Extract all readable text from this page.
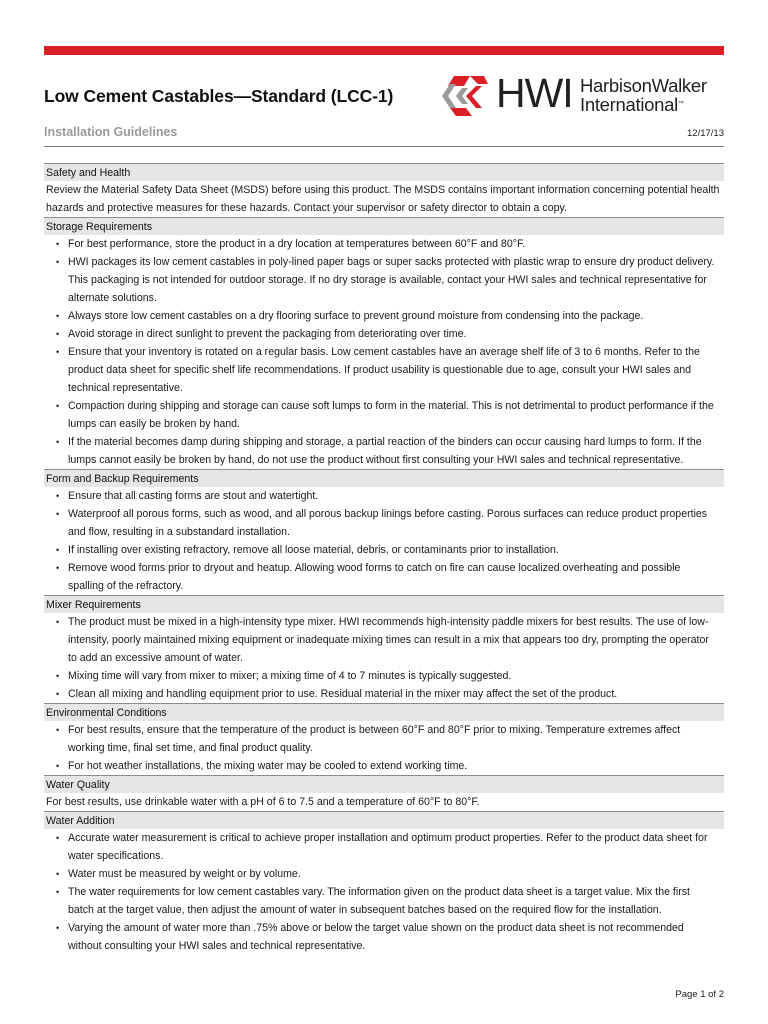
Low Cement Castables—Standard (LCC-1)	HWI HarbisonWalker
International™
Installation Guidelines	12/17/13
Safety and Health
Review the Material Safety Data Sheet (MSDS) before using this product. The MSDS contains important information concerning potential health hazards and protective measures for these hazards. Contact your supervisor or safety director to obtain a copy.
Storage Requirements
• For best performance, store the product in a dry location at temperatures between 60°F and 80°F.
• HWI packages its low cement castables in poly-lined paper bags or super sacks protected with plastic wrap to ensure dry product delivery. This packaging is not intended for outdoor storage. If no dry storage is available, contact your HWI sales and technical representative for alternate solutions.
• Always store low cement castables on a dry flooring surface to prevent ground moisture from condensing into the package.
• Avoid storage in direct sunlight to prevent the packaging from deteriorating over time.
• Ensure that your inventory is rotated on a regular basis. Low cement castables have an average shelf life of 3 to 6 months. Refer to the product data sheet for specific shelf life recommendations. If product usability is questionable due to age, consult your HWI sales and technical representative.
• Compaction during shipping and storage can cause soft lumps to form in the material. This is not detrimental to product performance if the lumps can easily be broken by hand.
• If the material becomes damp during shipping and storage, a partial reaction of the binders can occur causing hard lumps to form. If the lumps cannot easily be broken by hand, do not use the product without first consulting your HWI sales and technical representative.
Form and Backup Requirements
• Ensure that all casting forms are stout and watertight.
• Waterproof all porous forms, such as wood, and all porous backup linings before casting. Porous surfaces can reduce product properties and flow, resulting in a substandard installation.
• If installing over existing refractory, remove all loose material, debris, or contaminants prior to installation.
• Remove wood forms prior to dryout and heatup. Allowing wood forms to catch on fire can cause localized overheating and possible spalling of the refractory.
Mixer Requirements
• The product must be mixed in a high-intensity type mixer. HWI recommends high-intensity paddle mixers for best results. The use of low-intensity, poorly maintained mixing equipment or inadequate mixing times can result in a mix that appears too dry, prompting the operator to add an excessive amount of water.
• Mixing time will vary from mixer to mixer; a mixing time of 4 to 7 minutes is typically suggested.
• Clean all mixing and handling equipment prior to use. Residual material in the mixer may affect the set of the product.
Environmental Conditions
• For best results, ensure that the temperature of the product is between 60°F and 80°F prior to mixing. Temperature extremes affect working time, final set time, and final product quality.
• For hot weather installations, the mixing water may be cooled to extend working time.
Water Quality
For best results, use drinkable water with a pH of 6 to 7.5 and a temperature of 60°F to 80°F.
Water Addition
• Accurate water measurement is critical to achieve proper installation and optimum product properties. Refer to the product data sheet for water specifications.
• Water must be measured by weight or by volume.
• The water requirements for low cement castables vary. The information given on the product data sheet is a target value. Mix the first batch at the target value, then adjust the amount of water in subsequent batches based on the required flow for the installation.
• Varying the amount of water more than .75% above or below the target value shown on the product data sheet is not recommended without consulting your HWI sales and technical representative.
Page 1 of 2
